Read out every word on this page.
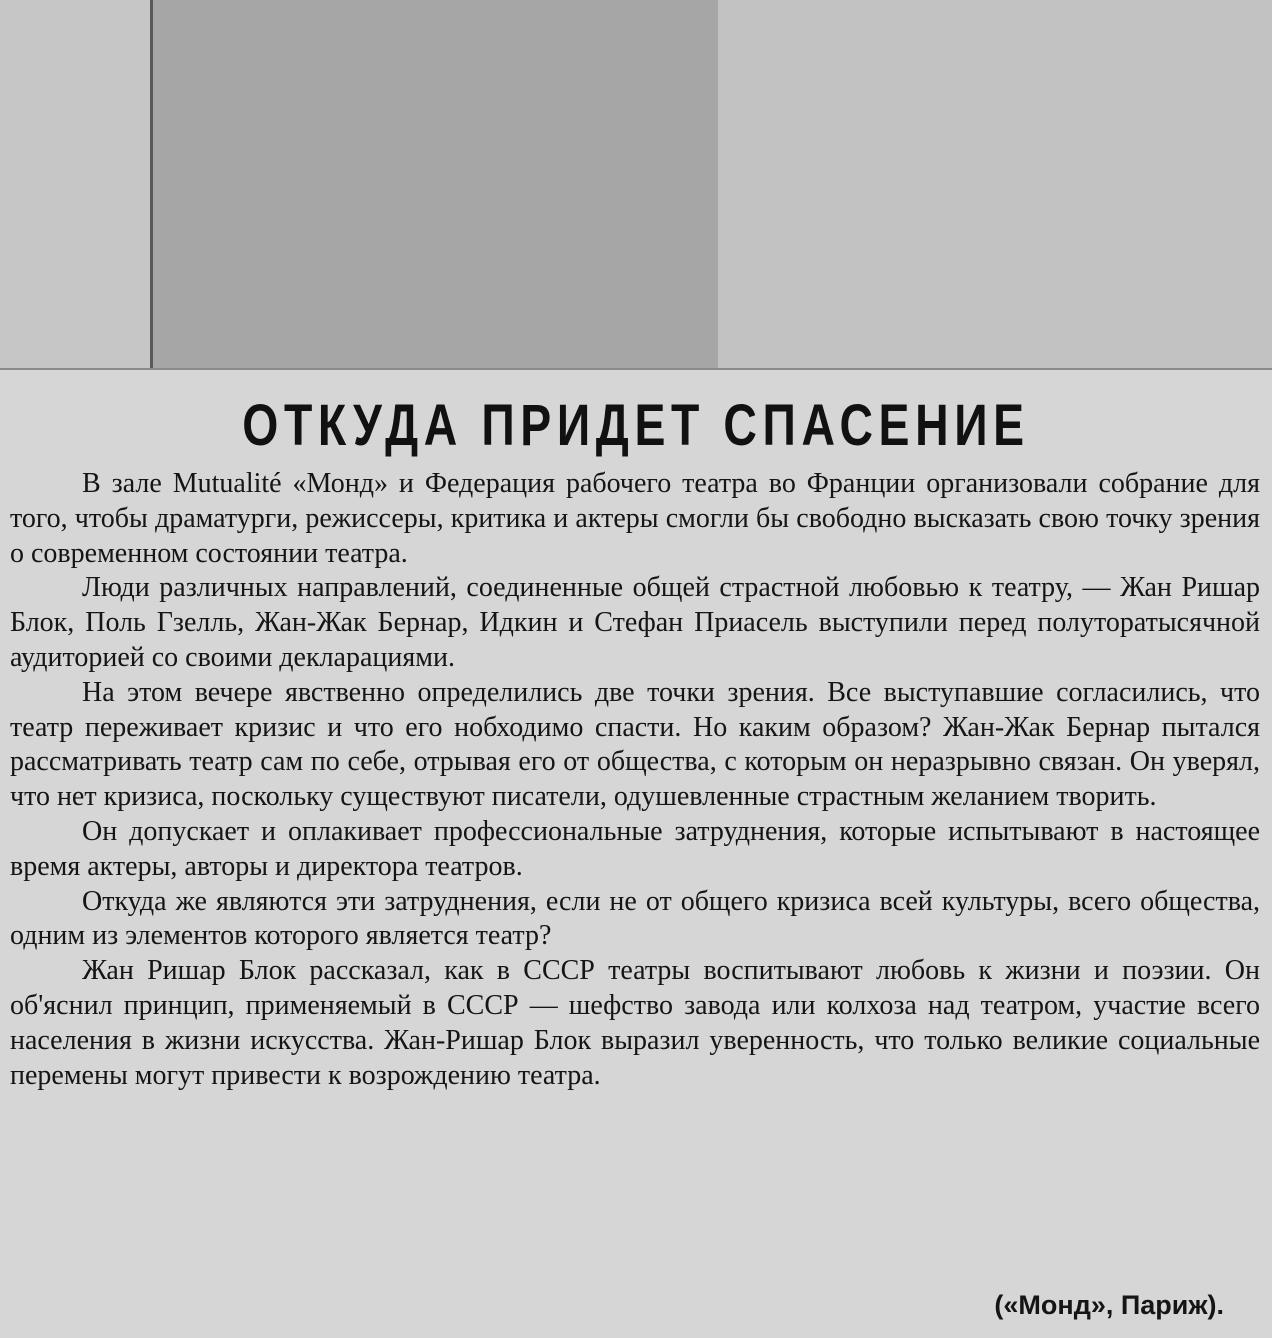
ОТКУДА ПРИДЕТ СПАСЕНИЕ

В зале Mutualité «Монд» и Федерация рабочего театра во Франции организовали собрание для того, чтобы драматурги, режиссеры, критика и актеры смогли бы свободно высказать свою точку зрения о современном состоянии театра.

Люди различных направлений, соединенные общей страстной любовью к театру, — Жан Ришар Блок, Поль Гзелль, Жан-Жак Бернар, Идкин и Стефан Приасель выступили перед полуторатысячной аудиторией со своими декларациями.

На этом вечере явственно определились две точки зрения. Все выступавшие согласились, что театр переживает кризис и что его нобходимо спасти. Но каким образом? Жан-Жак Бернар пытался рассматривать театр сам по себе, отрывая его от общества, с которым он неразрывно связан. Он уверял, что нет кризиса, поскольку существуют писатели, одушевленные страстным желанием творить.

Он допускает и оплакивает профессиональные затруднения, которые испытывают в настоящее время актеры, авторы и директора театров.

Откуда же являются эти затруднения, если не от общего кризиса всей культуры, всего общества, одним из элементов которого является театр?

Жан Ришар Блок рассказал, как в СССР театры воспитывают любовь к жизни и поэзии. Он об'яснил принцип, применяемый в СССР — шефство завода или колхоза над театром, участие всего населения в жизни искусства. Жан-Ришар Блок выразил уверенность, что только великие социальные перемены могут привести к возрождению театра.

(«Монд», Париж).
